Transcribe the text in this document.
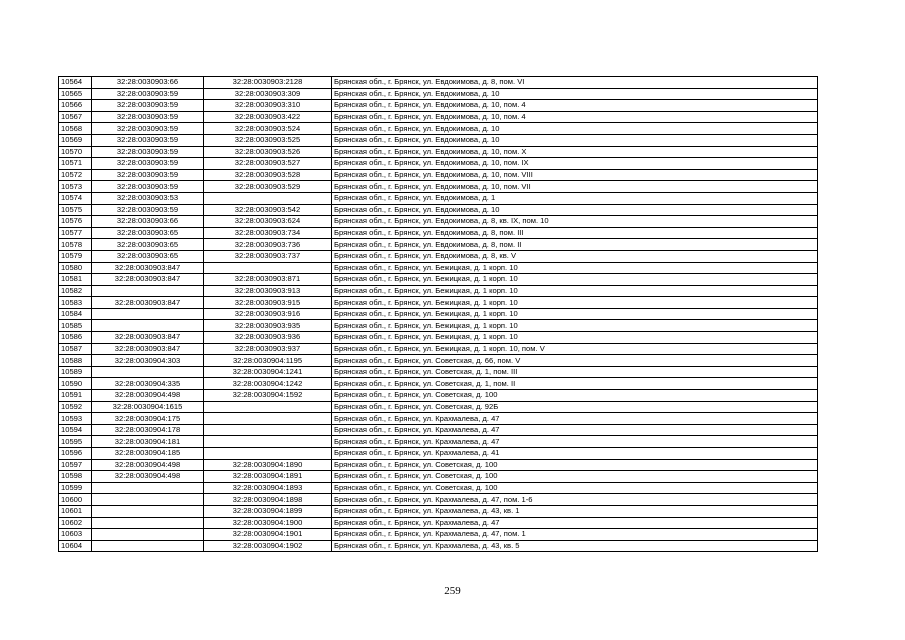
10564	32:28:0030903:66	32:28:0030903:2128	Брянская обл., г. Брянск, ул. Евдокимова, д. 8, пом. VI
10565	32:28:0030903:59	32:28:0030903:309	Брянская обл., г. Брянск, ул. Евдокимова, д. 10
10566	32:28:0030903:59	32:28:0030903:310	Брянская обл., г. Брянск, ул. Евдокимова, д. 10, пом. 4
10567	32:28:0030903:59	32:28:0030903:422	Брянская обл., г. Брянск, ул. Евдокимова, д. 10, пом. 4
10568	32:28:0030903:59	32:28:0030903:524	Брянская обл., г. Брянск, ул. Евдокимова, д. 10
10569	32:28:0030903:59	32:28:0030903:525	Брянская обл., г. Брянск, ул. Евдокимова, д. 10
10570	32:28:0030903:59	32:28:0030903:526	Брянская обл., г. Брянск, ул. Евдокимова, д. 10, пом. X
10571	32:28:0030903:59	32:28:0030903:527	Брянская обл., г. Брянск, ул. Евдокимова, д. 10, пом. IX
10572	32:28:0030903:59	32:28:0030903:528	Брянская обл., г. Брянск, ул. Евдокимова, д. 10, пом. VIII
10573	32:28:0030903:59	32:28:0030903:529	Брянская обл., г. Брянск, ул. Евдокимова, д. 10, пом. VII
10574	32:28:0030903:53		Брянская обл., г. Брянск, ул. Евдокимова, д. 1
10575	32:28:0030903:59	32:28:0030903:542	Брянская обл., г. Брянск, ул. Евдокимова, д. 10
10576	32:28:0030903:66	32:28:0030903:624	Брянская обл., г. Брянск, ул. Евдокимова, д. 8, кв. IX, пом. 10
10577	32:28:0030903:65	32:28:0030903:734	Брянская обл., г. Брянск, ул. Евдокимова, д. 8, пом. III
10578	32:28:0030903:65	32:28:0030903:736	Брянская обл., г. Брянск, ул. Евдокимова, д. 8, пом. II
10579	32:28:0030903:65	32:28:0030903:737	Брянская обл., г. Брянск, ул. Евдокимова, д. 8, кв. V
10580	32:28:0030903:847		Брянская обл., г. Брянск, ул. Бежицкая, д. 1 корп. 10
10581	32:28:0030903:847	32:28:0030903:871	Брянская обл., г. Брянск, ул. Бежицкая, д. 1 корп. 10
10582		32:28:0030903:913	Брянская обл., г. Брянск, ул. Бежицкая, д. 1 корп. 10
10583	32:28:0030903:847	32:28:0030903:915	Брянская обл., г. Брянск, ул. Бежицкая, д. 1 корп. 10
10584		32:28:0030903:916	Брянская обл., г. Брянск, ул. Бежицкая, д. 1 корп. 10
10585		32:28:0030903:935	Брянская обл., г. Брянск, ул. Бежицкая, д. 1 корп. 10
10586	32:28:0030903:847	32:28:0030903:936	Брянская обл., г. Брянск, ул. Бежицкая, д. 1 корп. 10
10587	32:28:0030903:847	32:28:0030903:937	Брянская обл., г. Брянск, ул. Бежицкая, д. 1 корп. 10, пом. V
10588	32:28:0030904:303	32:28:0030904:1195	Брянская обл., г. Брянск, ул. Советская, д. 66, пом. V
10589		32:28:0030904:1241	Брянская обл., г. Брянск, ул. Советская, д. 1, пом. III
10590	32:28:0030904:335	32:28:0030904:1242	Брянская обл., г. Брянск, ул. Советская, д. 1, пом. II
10591	32:28:0030904:498	32:28:0030904:1592	Брянская обл., г. Брянск, ул. Советская, д. 100
10592	32:28:0030904:1615		Брянская обл., г. Брянск, ул. Советская, д. 92Б
10593	32:28:0030904:175		Брянская обл., г. Брянск, ул. Крахмалева, д. 47
10594	32:28:0030904:178		Брянская обл., г. Брянск, ул. Крахмалева, д. 47
10595	32:28:0030904:181		Брянская обл., г. Брянск, ул. Крахмалева, д. 47
10596	32:28:0030904:185		Брянская обл., г. Брянск, ул. Крахмалева, д. 41
10597	32:28:0030904:498	32:28:0030904:1890	Брянская обл., г. Брянск, ул. Советская, д. 100
10598	32:28:0030904:498	32:28:0030904:1891	Брянская обл., г. Брянск, ул. Советская, д. 100
10599		32:28:0030904:1893	Брянская обл., г. Брянск, ул. Советская, д. 100
10600		32:28:0030904:1898	Брянская обл., г. Брянск, ул. Крахмалева, д. 47, пом. 1-6
10601		32:28:0030904:1899	Брянская обл., г. Брянск, ул. Крахмалева, д. 43, кв. 1
10602		32:28:0030904:1900	Брянская обл., г. Брянск, ул. Крахмалева, д. 47
10603		32:28:0030904:1901	Брянская обл., г. Брянск, ул. Крахмалева, д. 47, пом. 1
10604		32:28:0030904:1902	Брянская обл., г. Брянск, ул. Крахмалева, д. 43, кв. 5
259
